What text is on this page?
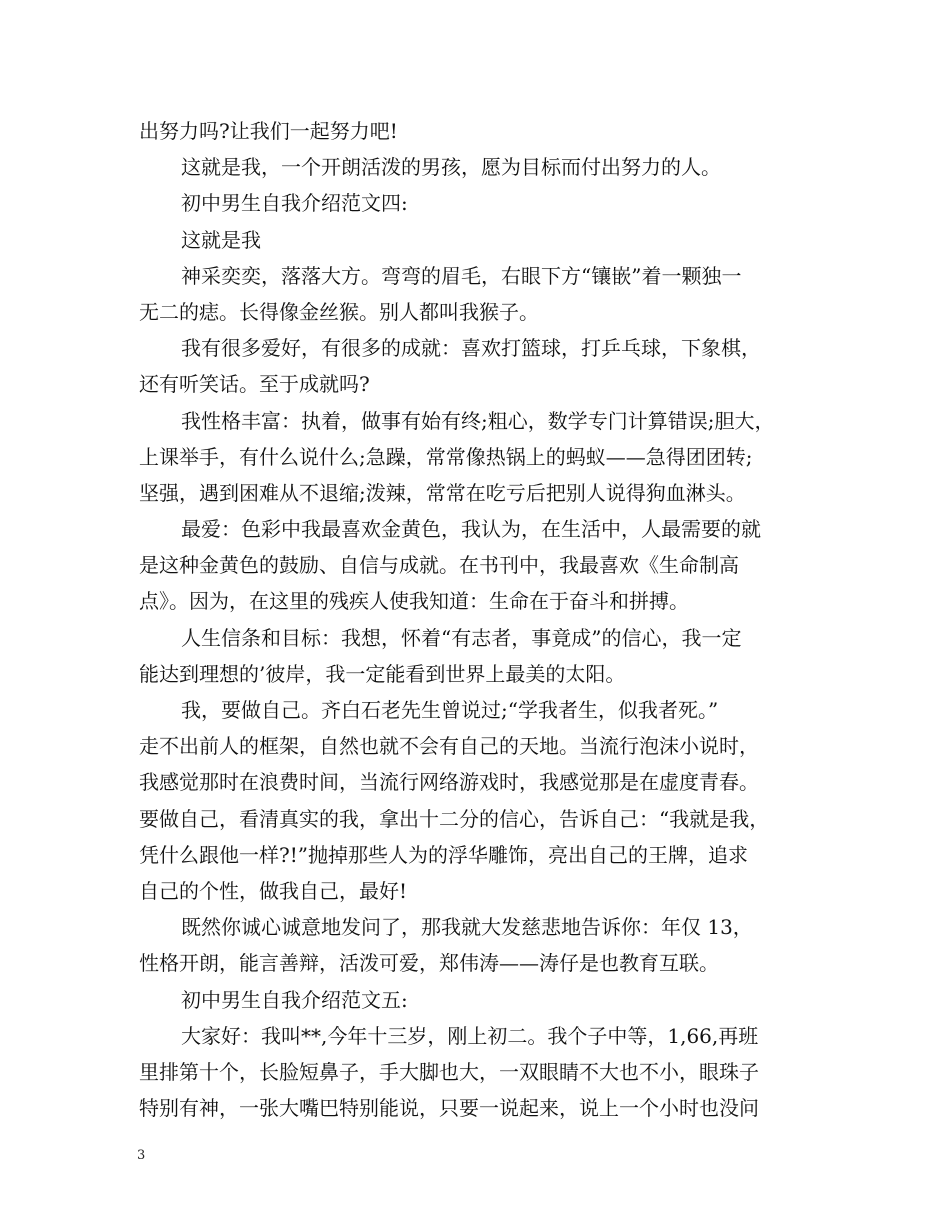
出努力吗?让我们一起努力吧!
这就是我，一个开朗活泼的男孩，愿为目标而付出努力的人。
初中男生自我介绍范文四:
这就是我
神采奕奕，落落大方。弯弯的眉毛，右眼下方“镶嵌”着一颗独一
无二的痣。长得像金丝猴。别人都叫我猴子。
我有很多爱好，有很多的成就：喜欢打篮球，打乒乓球，下象棋，
还有听笑话。至于成就吗?
我性格丰富：执着，做事有始有终;粗心，数学专门计算错误;胆大，
上课举手，有什么说什么;急躁，常常像热锅上的蚂蚁——急得团团转;
坚强，遇到困难从不退缩;泼辣，常常在吃亏后把别人说得狗血淋头。
最爱：色彩中我最喜欢金黄色，我认为，在生活中，人最需要的就
是这种金黄色的鼓励、自信与成就。在书刊中，我最喜欢《生命制高
点》。因为，在这里的残疾人使我知道：生命在于奋斗和拼搏。
人生信条和目标：我想，怀着“有志者，事竟成”的信心，我一定
能达到理想的’彼岸，我一定能看到世界上最美的太阳。
我，要做自己。齐白石老先生曾说过;“学我者生，似我者死。”
走不出前人的框架，自然也就不会有自己的天地。当流行泡沫小说时，
我感觉那时在浪费时间，当流行网络游戏时，我感觉那是在虚度青春。
要做自己，看清真实的我，拿出十二分的信心，告诉自己：“我就是我，
凭什么跟他一样?!”抛掉那些人为的浮华雕饰，亮出自己的王牌，追求
自己的个性，做我自己，最好!
既然你诚心诚意地发问了，那我就大发慈悲地告诉你：年仅 13，
性格开朗，能言善辩，活泼可爱，郑伟涛——涛仔是也教育互联。
初中男生自我介绍范文五:
大家好：我叫**,今年十三岁，刚上初二。我个子中等，1,66,再班
里排第十个，长脸短鼻子，手大脚也大，一双眼睛不大也不小，眼珠子
特别有神，一张大嘴巴特别能说，只要一说起来，说上一个小时也没问
3
